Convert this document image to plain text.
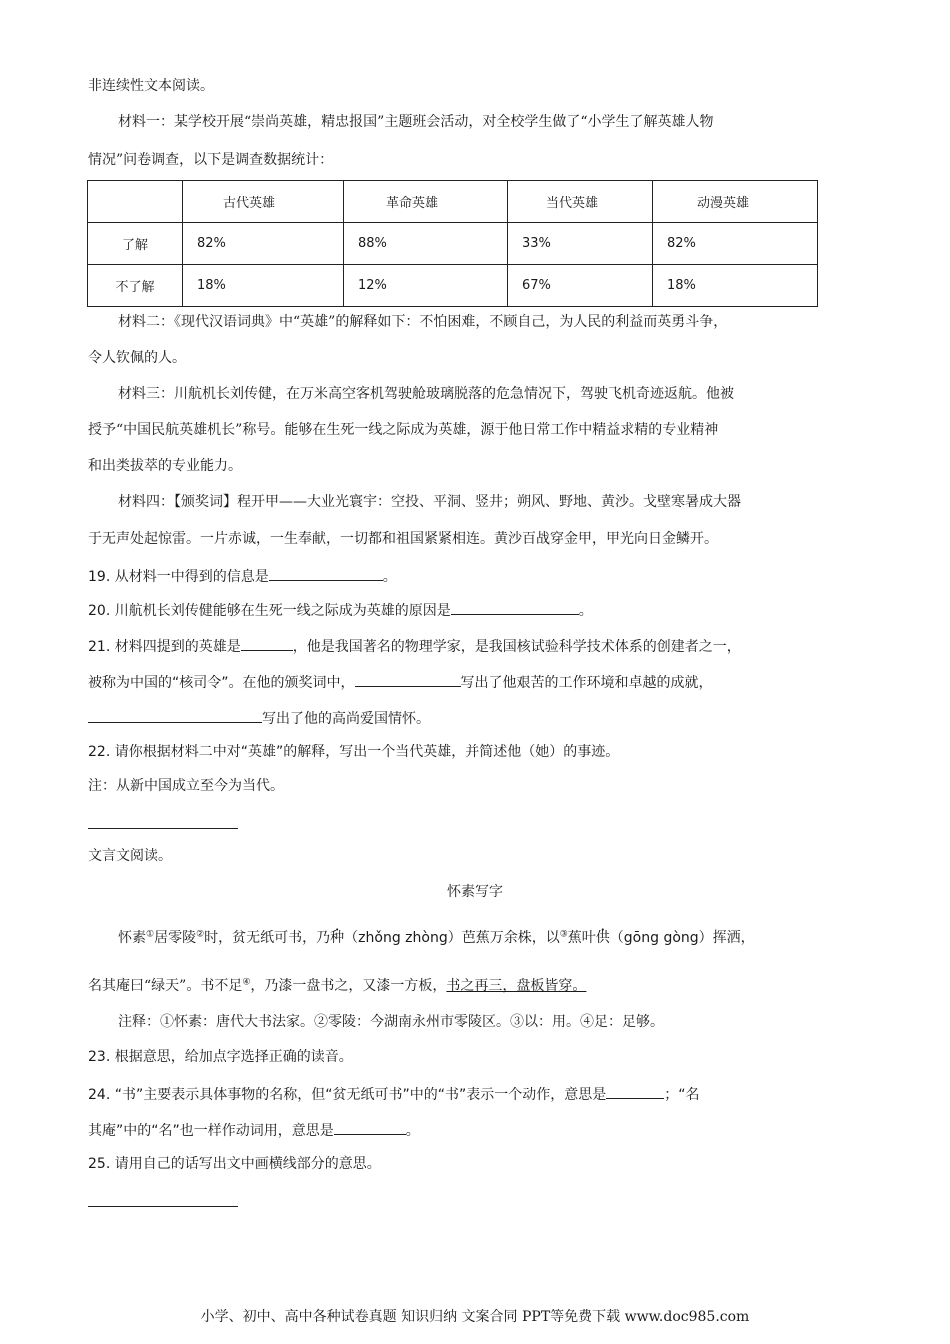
非连续性文本阅读。
材料一：某学校开展“崇尚英雄，精忠报国”主题班会活动，对全校学生做了“小学生了解英雄人物
情况”问卷调查，以下是调查数据统计：
	古代英雄	革命英雄	当代英雄	动漫英雄
了解	82%	88%	33%	82%
不了解	18%	12%	67%	18%
材料二：《现代汉语词典》中“英雄”的解释如下：不怕困难，不顾自己，为人民的利益而英勇斗争，
令人钦佩的人。
材料三：川航机长刘传健，在万米高空客机驾驶舱玻璃脱落的危急情况下，驾驶飞机奇迹返航。他被
授予“中国民航英雄机长”称号。能够在生死一线之际成为英雄，源于他日常工作中精益求精的专业精神
和出类拔萃的专业能力。
材料四：【颁奖词】程开甲——大业光寰宇：空投、平洞、竖井；朔风、野地、黄沙。戈壁寒暑成大器
于无声处起惊雷。一片赤诚，一生奉献，一切都和祖国紧紧相连。黄沙百战穿金甲，甲光向日金鳞开。
19. 从材料一中得到的信息是	。
20. 川航机长刘传健能够在生死一线之际成为英雄的原因是	。
21. 材料四提到的英雄是	，他是我国著名的物理学家，是我国核试验科学技术体系的创建者之一，
被称为中国的“核司令”。在他的颁奖词中，	写出了他艰苦的工作环境和卓越的成就，
写出了他的高尚爱国情怀。
22. 请你根据材料二中对“英雄”的解释，写出一个当代英雄，并简述他（她）的事迹。
注：从新中国成立至今为当代。
文言文阅读。
怀素写字
怀素①居零陵②时，贫无纸可书，乃种（zhǒng zhòng）芭蕉万余株，以③蕉叶供（gōng gòng）挥洒，
名其庵曰“绿天”。书不足④，乃漆一盘书之，又漆一方板，书之再三，盘板皆穿。
注释：①怀素：唐代大书法家。②零陵：今湖南永州市零陵区。③以：用。④足：足够。
23. 根据意思，给加点字选择正确的读音。
24. “书”主要表示具体事物的名称，但“贫无纸可书”中的“书”表示一个动作，意思是	；“名
其庵”中的“名”也一样作动词用，意思是	。
25. 请用自己的话写出文中画横线部分的意思。
小学、初中、高中各种试卷真题 知识归纳 文案合同 PPT等免费下载 www.doc985.com
